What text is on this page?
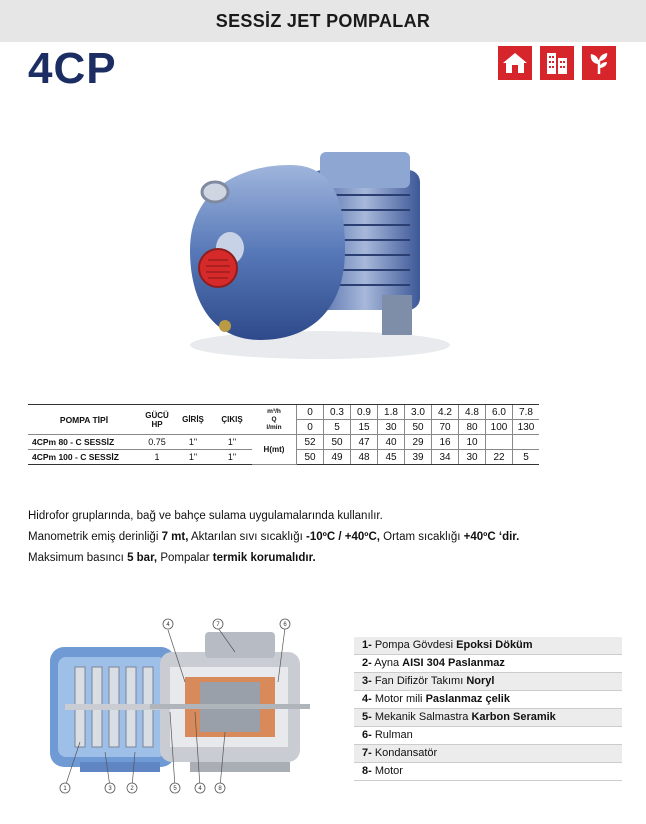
SESSİZ JET POMPALAR
4CP
POMPA TİPİ	GÜCÜ
HP	GİRİŞ	ÇIKIŞ	m³/h
Q
l/min	0	0.3	0.9	1.8	3.0	4.2	4.8	6.0	7.8
					0	5	15	30	50	70	80	100	130
4CPm 80 - C SESSİZ	0.75	1"	1"	H(mt)	52	50	47	40	29	16	10		
4CPm 100 - C SESSİZ	1	1"	1"		50	49	48	45	39	34	30	22	5
Hidrofor gruplarında, bağ ve bahçe sulama uygulamalarında kullanılır.
Manometrik emiş derinliği 7 mt, Aktarılan sıvı sıcaklığı -10ºC / +40ºC, Ortam sıcaklığı +40ºC ‘dir.
Maksimum basıncı 5 bar, Pompalar termik korumalıdır.
4	7	6
1	3	2	5	4	8
1- Pompa Gövdesi Epoksi Döküm
2- Ayna AISI 304 Paslanmaz
3- Fan Difizör Takımı Noryl
4- Motor mili Paslanmaz çelik
5- Mekanik Salmastra Karbon Seramik
6- Rulman
7- Kondansatör
8- Motor
